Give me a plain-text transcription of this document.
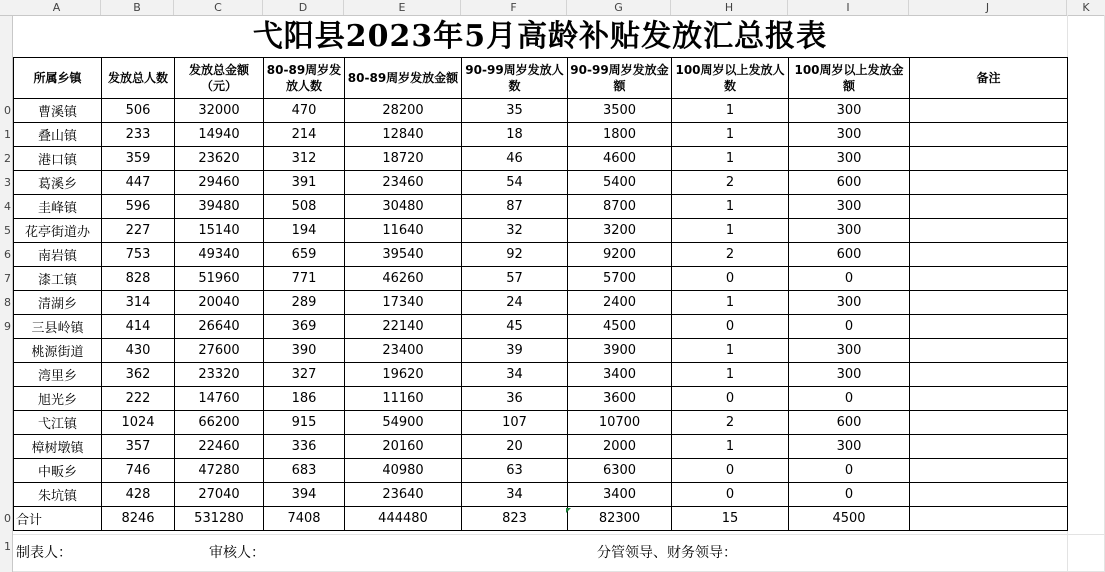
A	B	C	D	E	F	G	H	I	J	K
0
1
2
3
4
5
6
7
8
9
0
1
弋阳县2023年5月高龄补贴发放汇总报表
所属乡镇	发放总人数	发放总金额（元）	80-89周岁发放人数	80-89周岁发放金额	90-99周岁发放人数	90-99周岁发放金额	100周岁以上发放人数	100周岁以上发放金额	备注
曹溪镇	506	32000	470	28200	35	3500	1	300	
叠山镇	233	14940	214	12840	18	1800	1	300	
港口镇	359	23620	312	18720	46	4600	1	300	
葛溪乡	447	29460	391	23460	54	5400	2	600	
圭峰镇	596	39480	508	30480	87	8700	1	300	
花亭街道办	227	15140	194	11640	32	3200	1	300	
南岩镇	753	49340	659	39540	92	9200	2	600	
漆工镇	828	51960	771	46260	57	5700	0	0	
清湖乡	314	20040	289	17340	24	2400	1	300	
三县岭镇	414	26640	369	22140	45	4500	0	0	
桃源街道	430	27600	390	23400	39	3900	1	300	
湾里乡	362	23320	327	19620	34	3400	1	300	
旭光乡	222	14760	186	11160	36	3600	0	0	
弋江镇	1024	66200	915	54900	107	10700	2	600	
樟树墩镇	357	22460	336	20160	20	2000	1	300	
中畈乡	746	47280	683	40980	63	6300	0	0	
朱坑镇	428	27040	394	23640	34	3400	0	0	
合计	8246	531280	7408	444480	823	82300	15	4500	
制表人：	审核人：	分管领导、财务领导：
